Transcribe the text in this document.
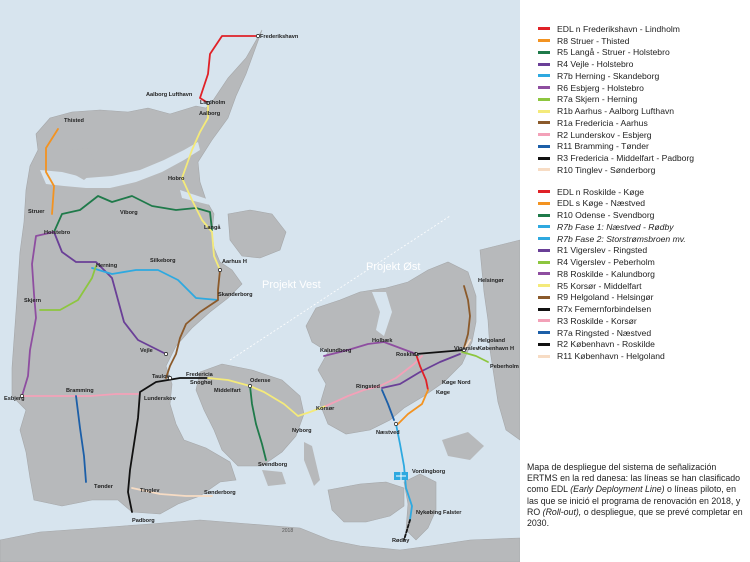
Projekt Vest
Projekt Øst
2018
Frederikshavn
Aalborg Lufthavn
Lindholm
Aalborg
Thisted
Hobro
Struer	Viborg
Holstebro
Langå
Herning
Silkeborg	Aarhus H
Skjern
Skanderborg
Vejle
Fredericia
Taulov
Snoghøj
Middelfart
Bramming
Lunderskov
Esbjerg
Odense
Korsør
Nyborg
Svendborg
Tønder
Tinglev	Sønderborg
Padborg
Kalundborg
Holbæk
Roskilde
Vigerslev København H
Peberholm
Helsingør
Helgoland
Ringsted
Køge Nord
Køge
Næstved
Vordingborg
Nykøbing Falster
Rødby
EDL n Frederikshavn - Lindholm
R8 Struer - Thisted
R5 Langå - Struer - Holstebro
R4 Vejle - Holstebro
R7b Herning - Skandeborg
R6 Esbjerg - Holstebro
R7a Skjern - Herning
R1b Aarhus - Aalborg Lufthavn
R1a Fredericia - Aarhus
R2 Lunderskov - Esbjerg
R11 Bramming - Tønder
R3 Fredericia - Middelfart - Padborg
R10 Tinglev - Sønderborg
EDL n Roskilde - Køge
EDL s Køge - Næstved
R10 Odense - Svendborg
R7b Fase 1: Næstved - Rødby
R7b Fase 2: Storstrømsbroen mv.
R1 Vigerslev - Ringsted
R4 Vigerslev - Peberholm
R8 Roskilde - Kalundborg
R5 Korsør - Middelfart
R9 Helgoland - Helsingør
R7x Femernforbindelsen
R3 Roskilde - Korsør
R7a Ringsted - Næstved
R2 København - Roskilde
R11 København - Helgoland
Mapa de despliegue del sistema de señalización ERTMS en la red danesa: las líneas se han clasificado como EDL (Early Deployment Line) o líneas piloto, en las que se inició el programa de renovación en 2018, y RO (Roll-out), o despliegue, que se prevé completar en 2030.
